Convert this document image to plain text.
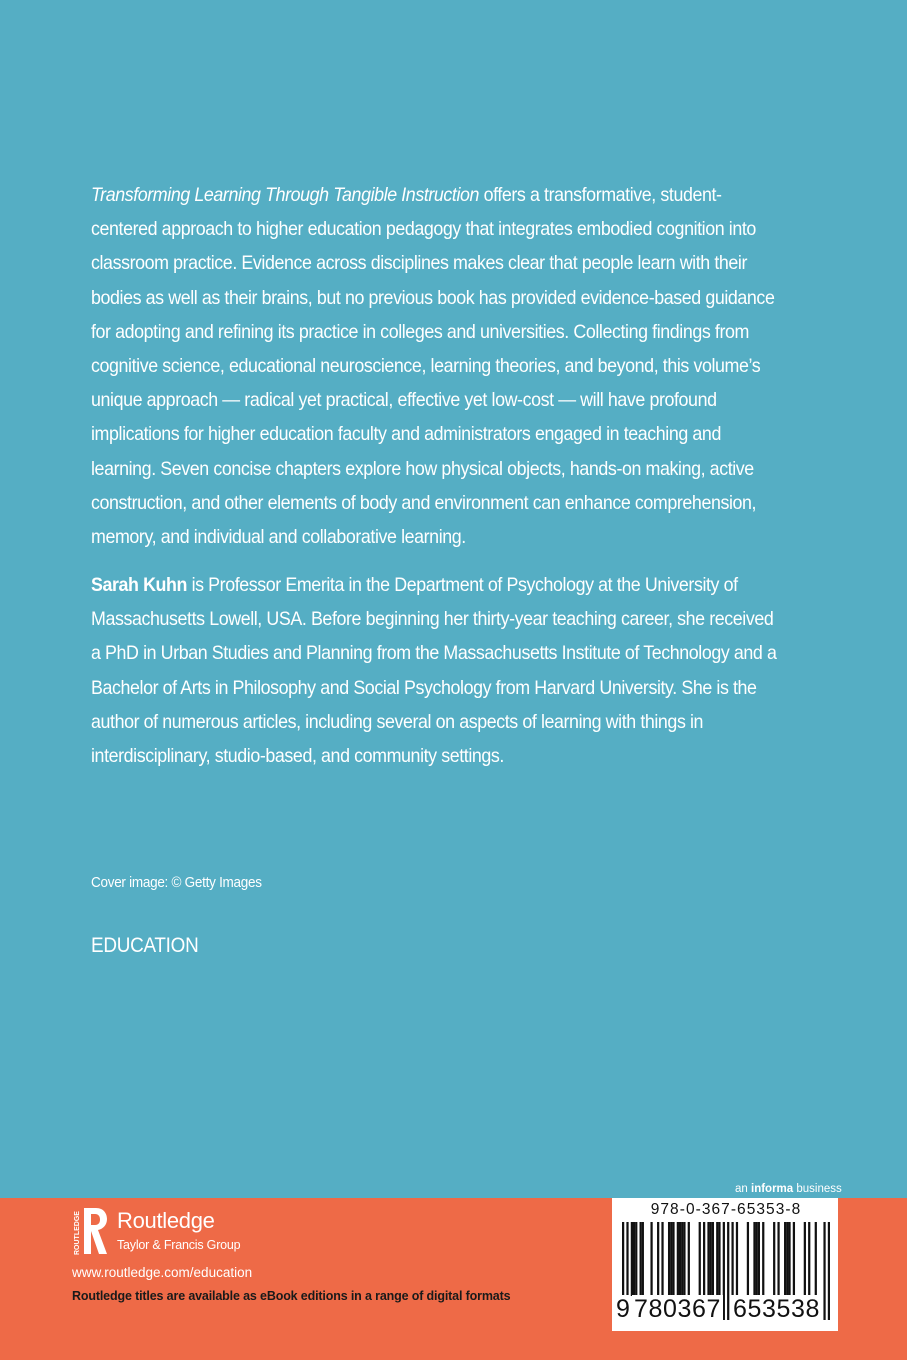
Transforming Learning Through Tangible Instruction offers a transformative, student-centered approach to higher education pedagogy that integrates embodied cognition into classroom practice. Evidence across disciplines makes clear that people learn with their bodies as well as their brains, but no previous book has provided evidence-based guidance for adopting and refining its practice in colleges and universities. Collecting findings from cognitive science, educational neuroscience, learning theories, and beyond, this volume’s unique approach — radical yet practical, effective yet low-cost — will have profound implications for higher education faculty and administrators engaged in teaching and learning. Seven concise chapters explore how physical objects, hands-on making, active construction, and other elements of body and environment can enhance comprehension, memory, and individual and collaborative learning.

Sarah Kuhn is Professor Emerita in the Department of Psychology at the University of Massachusetts Lowell, USA. Before beginning her thirty-year teaching career, she received a PhD in Urban Studies and Planning from the Massachusetts Institute of Technology and a Bachelor of Arts in Philosophy and Social Psychology from Harvard University. She is the author of numerous articles, including several on aspects of learning with things in interdisciplinary, studio-based, and community settings.

Cover image: © Getty Images
EDUCATION
an informa business
ROUTLEDGE Routledge
Taylor & Francis Group
www.routledge.com/education
Routledge titles are available as eBook editions in a range of digital formats
978-0-367-65353-8
9 780367 653538
